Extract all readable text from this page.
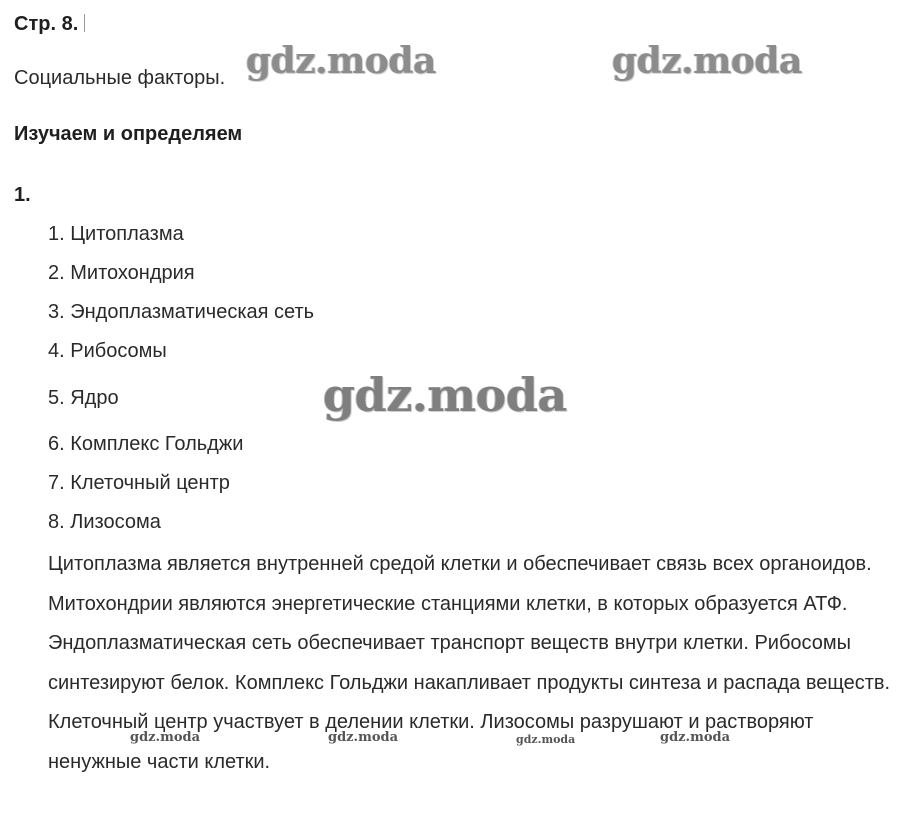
Стр. 8.
Социальные факторы.
Изучаем и определяем
1.
1. Цитоплазма
2. Митохондрия
3. Эндоплазматическая сеть
4. Рибосомы
5. Ядро
6. Комплекс Гольджи
7. Клеточный центр
8. Лизосома
Цитоплазма является внутренней средой клетки и обеспечивает связь всех органоидов. Митохондрии являются энергетические станциями клетки, в которых образуется АТФ. Эндоплазматическая сеть обеспечивает транспорт веществ внутри клетки. Рибосомы синтезируют белок. Комплекс Гольджи накапливает продукты синтеза и распада веществ. Клеточный центр участвует в делении клетки. Лизосомы разрушают и растворяют ненужные части клетки.
gdz.moda	gdz.moda
gdz.moda
gdz.moda	gdz.moda	gdz.moda	gdz.moda
